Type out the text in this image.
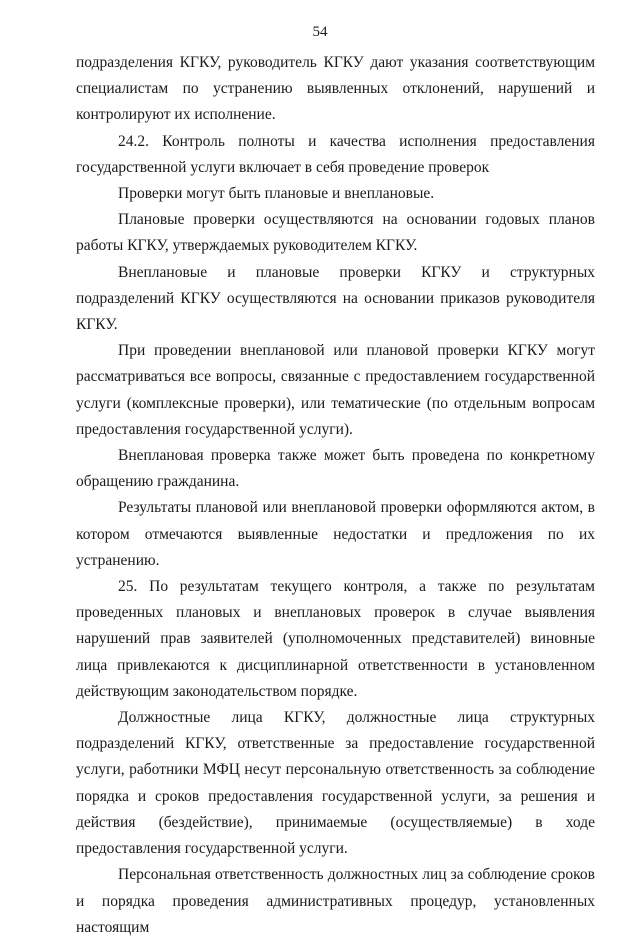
54

подразделения КГКУ, руководитель КГКУ дают указания соответствующим специалистам по устранению выявленных отклонений, нарушений и контролируют их исполнение.

24.2. Контроль полноты и качества исполнения предоставления государственной услуги включает в себя проведение проверок

Проверки могут быть плановые и внеплановые.

Плановые проверки осуществляются на основании годовых планов работы КГКУ, утверждаемых руководителем КГКУ.

Внеплановые и плановые проверки КГКУ и структурных подразделений КГКУ осуществляются на основании приказов руководителя КГКУ.

При проведении внеплановой или плановой проверки КГКУ могут рассматриваться все вопросы, связанные с предоставлением государственной услуги (комплексные проверки), или тематические (по отдельным вопросам предоставления государственной услуги).

Внеплановая проверка также может быть проведена по конкретному обращению гражданина.

Результаты плановой или внеплановой проверки оформляются актом, в котором отмечаются выявленные недостатки и предложения по их устранению.

25. По результатам текущего контроля, а также по результатам проведенных плановых и внеплановых проверок в случае выявления нарушений прав заявителей (уполномоченных представителей) виновные лица привлекаются к дисциплинарной ответственности в установленном действующим законодательством порядке.

Должностные лица КГКУ, должностные лица структурных подразделений КГКУ, ответственные за предоставление государственной услуги, работники МФЦ несут персональную ответственность за соблюдение порядка и сроков предоставления государственной услуги, за решения и действия (бездействие), принимаемые (осуществляемые) в ходе предоставления государственной услуги.

Персональная ответственность должностных лиц за соблюдение сроков и порядка проведения административных процедур, установленных настоящим
